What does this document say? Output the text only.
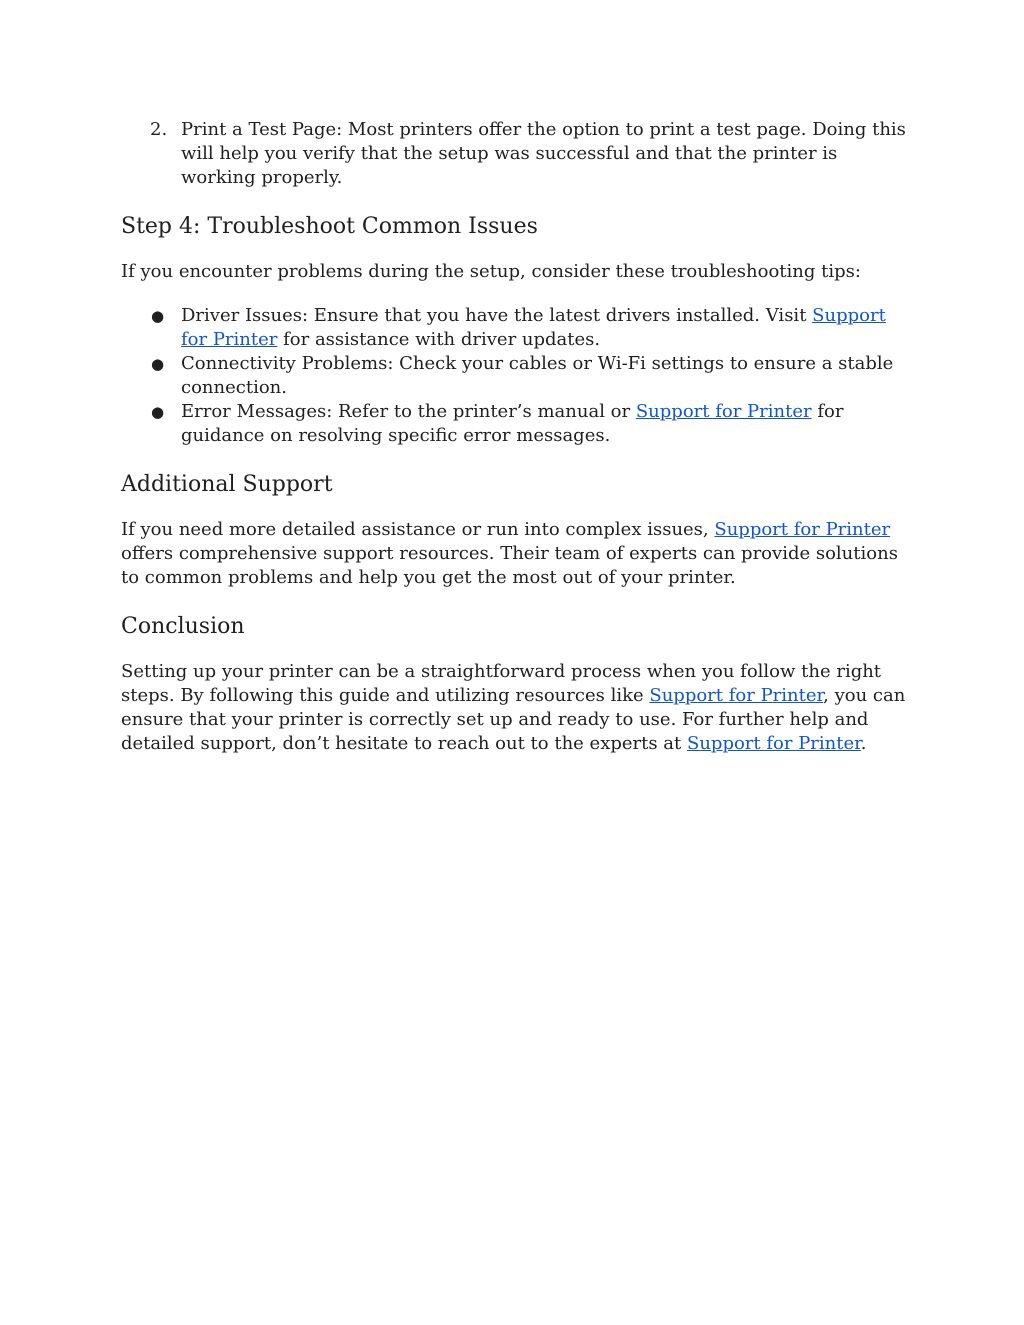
2. Print a Test Page: Most printers offer the option to print a test page. Doing this will help you verify that the setup was successful and that the printer is working properly.
Step 4: Troubleshoot Common Issues

If you encounter problems during the setup, consider these troubleshooting tips:

● Driver Issues: Ensure that you have the latest drivers installed. Visit Support for Printer for assistance with driver updates.
● Connectivity Problems: Check your cables or Wi-Fi settings to ensure a stable connection.
● Error Messages: Refer to the printer’s manual or Support for Printer for guidance on resolving specific error messages.
Additional Support

If you need more detailed assistance or run into complex issues, Support for Printer offers comprehensive support resources. Their team of experts can provide solutions to common problems and help you get the most out of your printer.

Conclusion

Setting up your printer can be a straightforward process when you follow the right steps. By following this guide and utilizing resources like Support for Printer, you can ensure that your printer is correctly set up and ready to use. For further help and detailed support, don’t hesitate to reach out to the experts at Support for Printer.
